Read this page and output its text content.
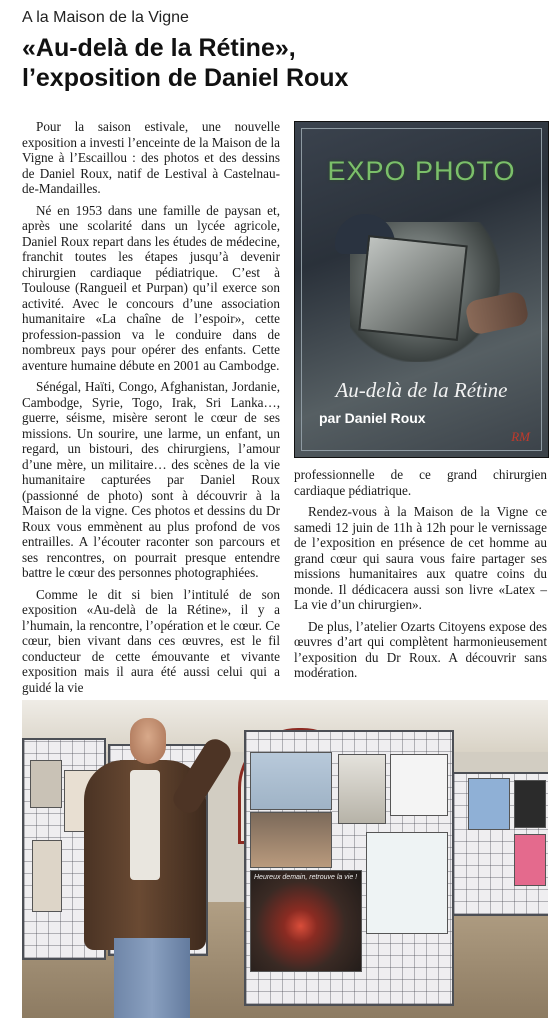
A la Maison de la Vigne
«Au-delà de la Rétine»,
l’exposition de Daniel Roux

Pour la saison estivale, une nouvelle exposition a investi l’enceinte de la Maison de la Vigne à l’Escaillou : des photos et des dessins de Daniel Roux, natif de Lestival à Castelnau-de-Mandailles.

Né en 1953 dans une famille de paysan et, après une scolarité dans un lycée agricole, Daniel Roux repart dans les études de médecine, franchit toutes les étapes jusqu’à devenir chirurgien cardiaque pédiatrique. C’est à Toulouse (Rangueil et Purpan) qu’il exerce son activité. Avec le concours d’une association humanitaire «La chaîne de l’espoir», cette profession-passion va le conduire dans de nombreux pays pour opérer des enfants. Cette aventure humaine débute en 2001 au Cambodge.

Sénégal, Haïti, Congo, Afghanistan, Jordanie, Cambodge, Syrie, Togo, Irak, Sri Lanka…, guerre, séisme, misère seront le cœur de ses missions. Un sourire, une larme, un enfant, un regard, un bistouri, des chirurgiens, l’amour d’une mère, un militaire… des scènes de la vie humanitaire capturées par Daniel Roux (passionné de photo) sont à découvrir à la Maison de la vigne. Ces photos et dessins du Dr Roux vous emmènent au plus profond de vos entrailles. A l’écouter raconter son parcours et ses rencontres, on pourrait presque entendre battre le cœur des personnes photographiées.

Comme le dit si bien l’intitulé de son exposition «Au-delà de la Rétine», il y a l’humain, la rencontre, l’opération et le cœur. Ce cœur, bien vivant dans ces œuvres, est le fil conducteur de cette émouvante et vivante exposition mais il aura été aussi celui qui a guidé la vie

EXPO PHOTO
Au-delà de la Rétine
par Daniel Roux
RM

professionnelle de ce grand chirurgien cardiaque pédiatrique.

Rendez-vous à la Maison de la Vigne ce samedi 12 juin de 11h à 12h pour le vernissage de l’exposition en présence de cet homme au grand cœur qui saura vous faire partager ses missions humanitaires aux quatre coins du monde. Il dédicacera aussi son livre «Latex – La vie d’un chirurgien».

De plus, l’atelier Ozarts Citoyens expose des œuvres d’art qui complètent harmonieusement l’exposition du Dr Roux. A découvrir sans modération.

Heureux demain, retrouve la vie !
